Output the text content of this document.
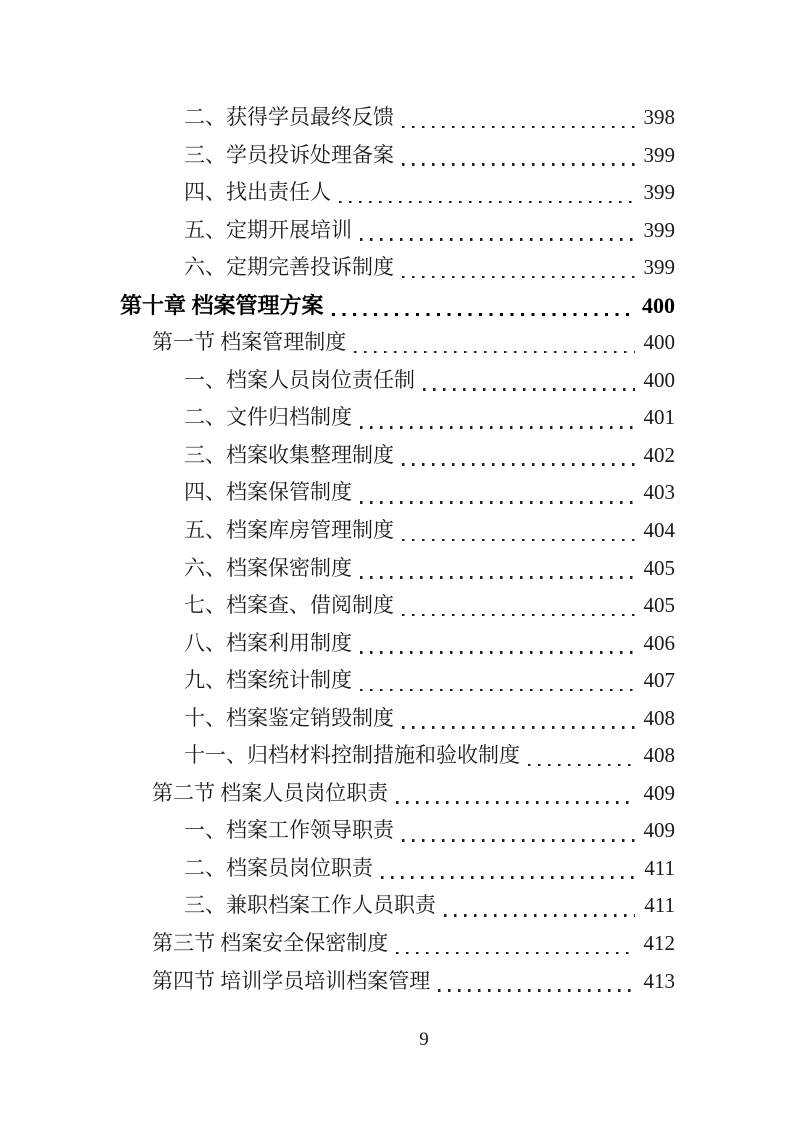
二、获得学员最终反馈	398
三、学员投诉处理备案	399
四、找出责任人	399
五、定期开展培训	399
六、定期完善投诉制度	399
第十章 档案管理方案	400
第一节 档案管理制度	400
一、档案人员岗位责任制	400
二、文件归档制度	401
三、档案收集整理制度	402
四、档案保管制度	403
五、档案库房管理制度	404
六、档案保密制度	405
七、档案查、借阅制度	405
八、档案利用制度	406
九、档案统计制度	407
十、档案鉴定销毁制度	408
十一、归档材料控制措施和验收制度	408
第二节 档案人员岗位职责	409
一、档案工作领导职责	409
二、档案员岗位职责	411
三、兼职档案工作人员职责	411
第三节 档案安全保密制度	412
第四节 培训学员培训档案管理	413
9
